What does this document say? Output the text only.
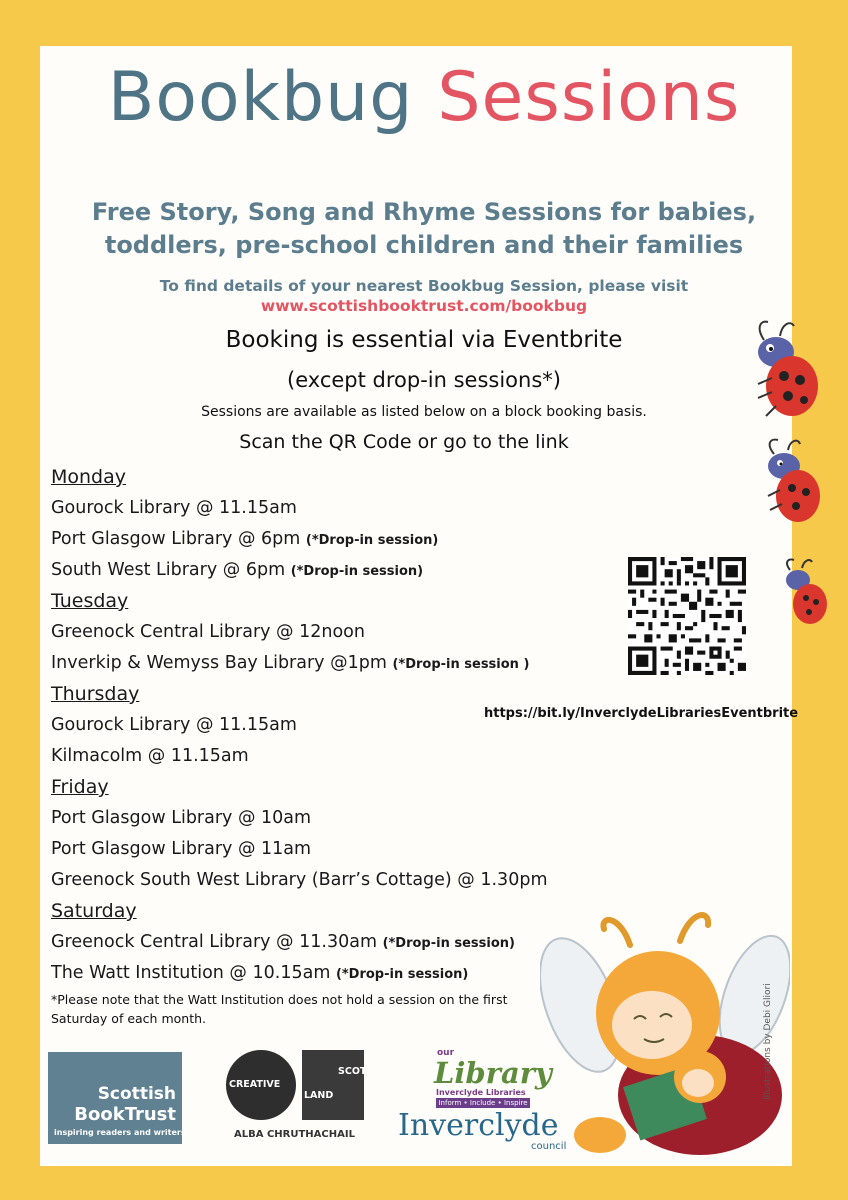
Bookbug Sessions
Free Story, Song and Rhyme Sessions for babies,
toddlers, pre-school children and their families
To find details of your nearest Bookbug Session, please visit
www.scottishbooktrust.com/bookbug
Booking is essential via Eventbrite
(except drop-in sessions*)
Sessions are available as listed below on a block booking basis.
Scan the QR Code or go to the link
Monday
Gourock Library @ 11.15am
Port Glasgow Library @ 6pm (*Drop-in session)
South West Library @ 6pm (*Drop-in session)
Tuesday
Greenock Central Library @ 12noon
Inverkip & Wemyss Bay Library @1pm (*Drop-in session )
Thursday
Gourock Library @ 11.15am
Kilmacolm @ 11.15am
Friday
Port Glasgow Library @ 10am
Port Glasgow Library @ 11am
Greenock South West Library (Barr’s Cottage) @ 1.30pm
Saturday
Greenock Central Library @ 11.30am (*Drop-in session)
The Watt Institution @ 10.15am (*Drop-in session)
*Please note that the Watt Institution does not hold a session on the first
Saturday of each month.
https://bit.ly/InverclydeLibrariesEventbrite
Scottish
BookTrust
inspiring readers and writers
CREATIVE
SCOT
LAND
ALBA CHRUTHACHAIL
our
Library
Inverclyde Libraries
Inform • Include • Inspire
Inverclyde
council
Illustrations by Debi Gliori
